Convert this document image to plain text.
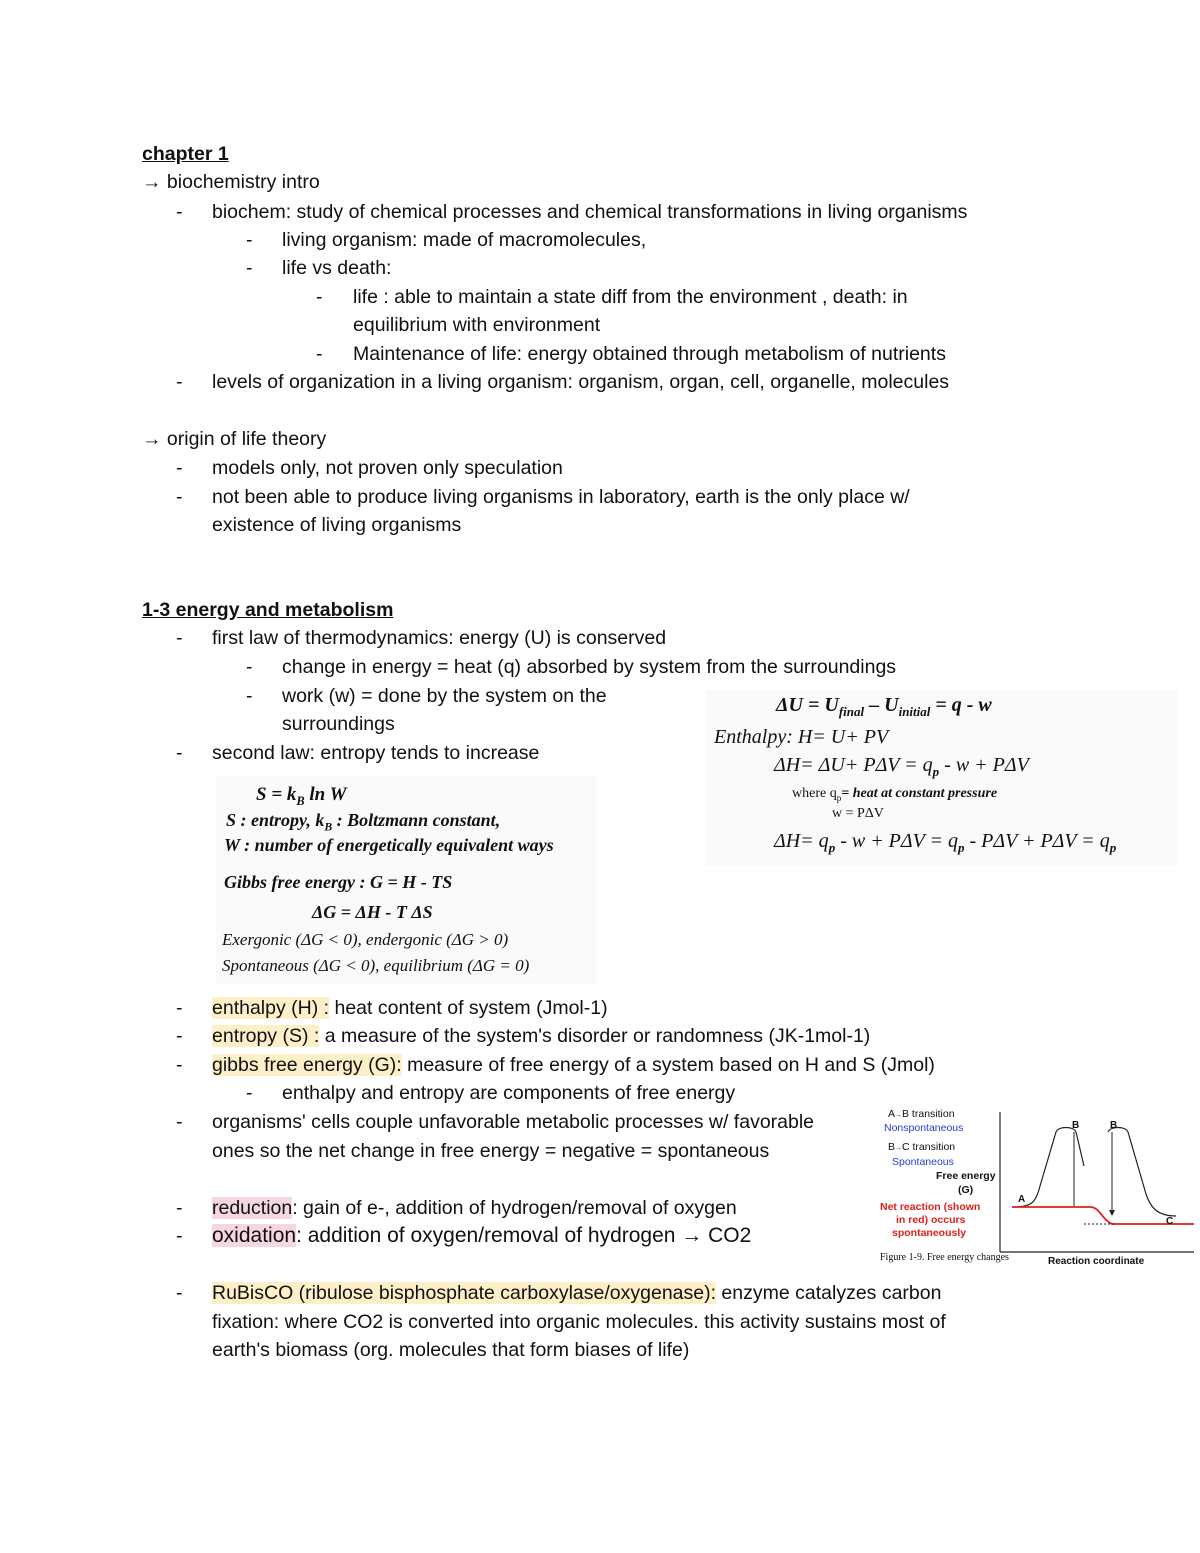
chapter 1
→ biochemistry intro
- biochem: study of chemical processes and chemical transformations in living organisms
- living organism: made of macromolecules,
- life vs death:
- life : able to maintain a state diff from the environment , death: in
equilibrium with environment
- Maintenance of life: energy obtained through metabolism of nutrients
- levels of organization in a living organism: organism, organ, cell, organelle, molecules
→ origin of life theory
- models only, not proven only speculation
- not been able to produce living organisms in laboratory, earth is the only place w/
existence of living organisms
1-3 energy and metabolism
- first law of thermodynamics: energy (U) is conserved
- change in energy = heat (q) absorbed by system from the surroundings
- work (w) = done by the system on the
surroundings
- second law: entropy tends to increase
$\Delta U = U_{final} - U_{initial} = q - w$
Enthalpy: H= U+ PV
$\Delta H= \Delta U+ P\Delta V = q_p - w + P\Delta V$
where $q_p=$ heat at constant pressure
w = PΔV
$\Delta H= q_p - w + P\Delta V = q_p - P\Delta V + P\Delta V = q_p$
$S = k_B$ ln W
S : entropy, $k_B$ : Boltzmann constant,
W : number of energetically equivalent ways
Gibbs free energy : G = H - TS
ΔG = ΔH - T ΔS
Exergonic (ΔG < 0), endergonic (ΔG > 0)
Spontaneous (ΔG < 0), equilibrium (ΔG = 0)
- enthalpy (H) : heat content of system (Jmol-1)
- entropy (S) : a measure of the system's disorder or randomness (JK-1mol-1)
- gibbs free energy (G): measure of free energy of a system based on H and S (Jmol)
- enthalpy and entropy are components of free energy
- organisms' cells couple unfavorable metabolic processes w/ favorable
ones so the net change in free energy = negative = spontaneous
- reduction: gain of e-, addition of hydrogen/removal of oxygen
- oxidation: addition of oxygen/removal of hydrogen → CO2
- RuBisCO (ribulose bisphosphate carboxylase/oxygenase): enzyme catalyzes carbon
fixation: where CO2 is converted into organic molecules. this activity sustains most of
earth's biomass (org. molecules that form biases of life)
A→B transition
Nonspontaneous
B→C transition
Spontaneous
Free energy
(G)
Net reaction (shown
in red) occurs
spontaneously
Figure 1-9. Free energy changes	Reaction coordinate
A
B	B
C
